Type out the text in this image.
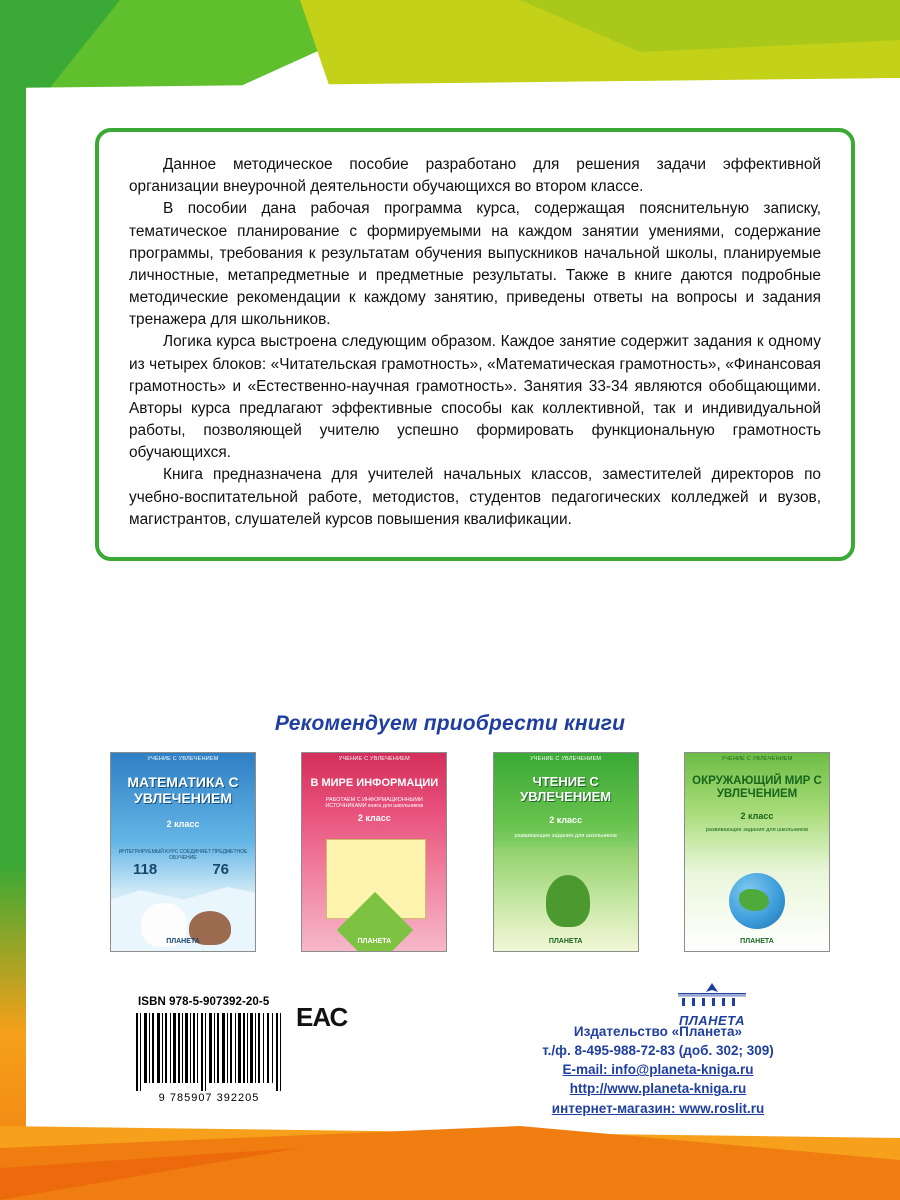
Данное методическое пособие разработано для решения задачи эффективной организации внеурочной деятельности обучающихся во втором классе.

В пособии дана рабочая программа курса, содержащая пояснительную записку, тематическое планирование с формируемыми на каждом занятии умениями, содержание программы, требования к результатам обучения выпускников начальной школы, планируемые личностные, метапредметные и предметные результаты. Также в книге даются подробные методические рекомендации к каждому занятию, приведены ответы на вопросы и задания тренажера для школьников.

Логика курса выстроена следующим образом. Каждое занятие содержит задания к одному из четырех блоков: «Читательская грамотность», «Математическая грамотность», «Финансовая грамотность» и «Естественно-научная грамотность». Занятия 33-34 являются обобщающими. Авторы курса предлагают эффективные способы как коллективной, так и индивидуальной работы, позволяющей учителю успешно формировать функциональную грамотность обучающихся.

Книга предназначена для учителей начальных классов, заместителей директоров по учебно-воспитательной работе, методистов, студентов педагогических колледжей и вузов, магистрантов, слушателей курсов повышения квалификации.

Рекомендуем приобрести книги
УЧЕНИЕ С УВЛЕЧЕНИЕМ
МАТЕМАТИКА С УВЛЕЧЕНИЕМ
2 класс
ИНТЕГРИРУЕМЫЙ КУРС СОЕДИНЯЕТ ПРЕДМЕТНОЕ ОБУЧЕНИЕ
118	76
ПЛАНЕТА
УЧЕНИЕ С УВЛЕЧЕНИЕМ
В МИРЕ ИНФОРМАЦИИ
РАБОТАЕМ С ИНФОРМАЦИОННЫМИ ИСТОЧНИКАМИ книга для школьников
2 класс
ПЛАНЕТА
УЧЕНИЕ С УВЛЕЧЕНИЕМ
ЧТЕНИЕ С УВЛЕЧЕНИЕМ
2 класс
развивающие задания для школьников
ПЛАНЕТА
УЧЕНИЕ С УВЛЕЧЕНИЕМ
ОКРУЖАЮЩИЙ МИР С УВЛЕЧЕНИЕМ
2 класс
развивающие задания для школьников
ПЛАНЕТА
ISBN 978-5-907392-20-5
9 785907 392205
ЕАС	ПЛАНЕТА
Издательство «Планета»
т./ф. 8-495-988-72-83 (доб. 302; 309)
E-mail: info@planeta-kniga.ru
http://www.planeta-kniga.ru
интернет-магазин: www.roslit.ru
